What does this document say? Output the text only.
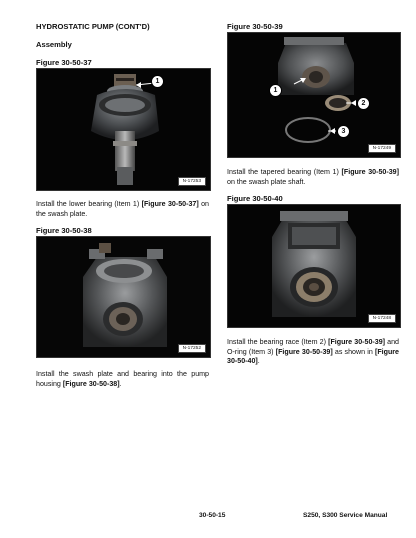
HYDROSTATIC PUMP (CONT'D)
Assembly
Figure 30-50-37
1
N-17253
Install the lower bearing (Item 1) [Figure 30-50-37] on the swash plate.
Figure 30-50-38
N-17252
Install the swash plate and bearing into the pump housing [Figure 30-50-38].
Figure 30-50-39
1
2
3
N-17249
Install the tapered bearing (Item 1) [Figure 30-50-39] on the swash plate shaft.
Figure 30-50-40
N-17248
Install the bearing race (Item 2) [Figure 30-50-39] and O-ring (Item 3) [Figure 30-50-39] as shown in [Figure 30-50-40].
30-50-15	S250, S300 Service Manual
